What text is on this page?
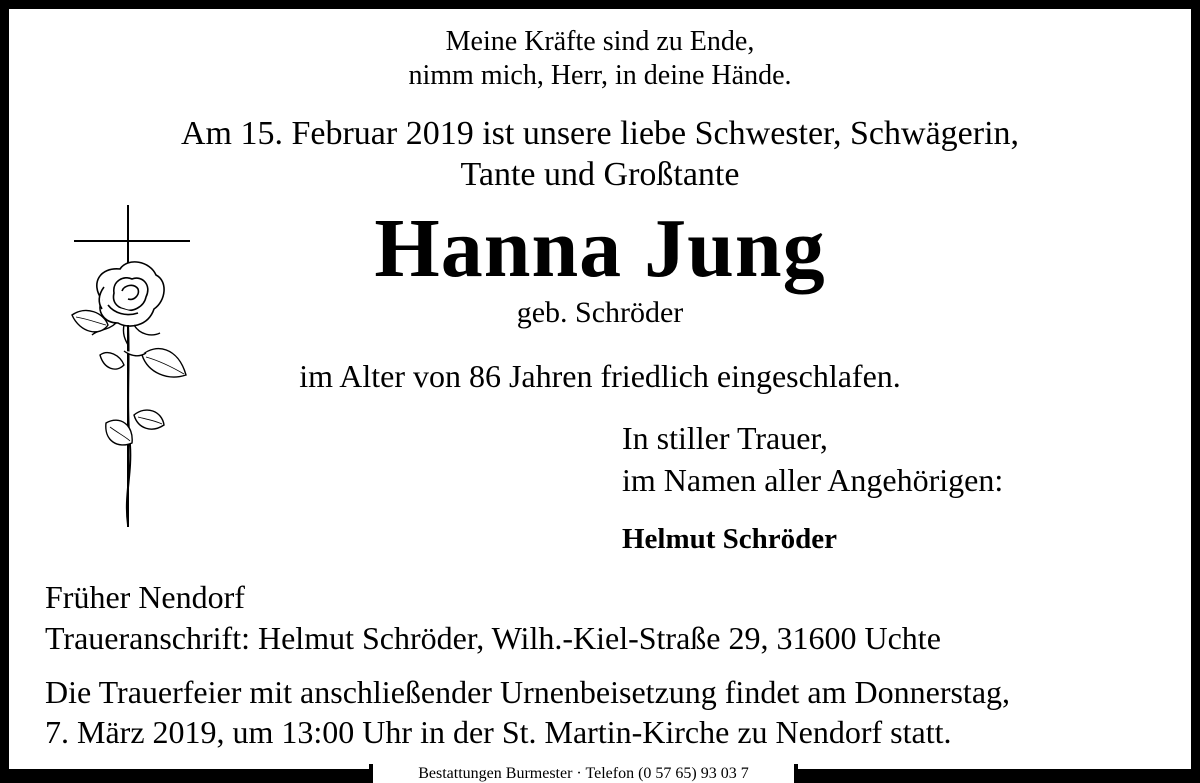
Meine Kräfte sind zu Ende,
nimm mich, Herr, in deine Hände.
Am 15. Februar 2019 ist unsere liebe Schwester, Schwägerin,
Tante und Großtante
Hanna Jung
geb. Schröder
im Alter von 86 Jahren friedlich eingeschlafen.
In stiller Trauer,
im Namen aller Angehörigen:
Helmut Schröder
Früher Nendorf
Traueranschrift: Helmut Schröder, Wilh.-Kiel-Straße 29, 31600 Uchte
Die Trauerfeier mit anschließender Urnenbeisetzung findet am Donnerstag,
7. März 2019, um 13:00 Uhr in der St. Martin-Kirche zu Nendorf statt.
Bestattungen Burmester · Telefon (0 57 65) 93 03 7
